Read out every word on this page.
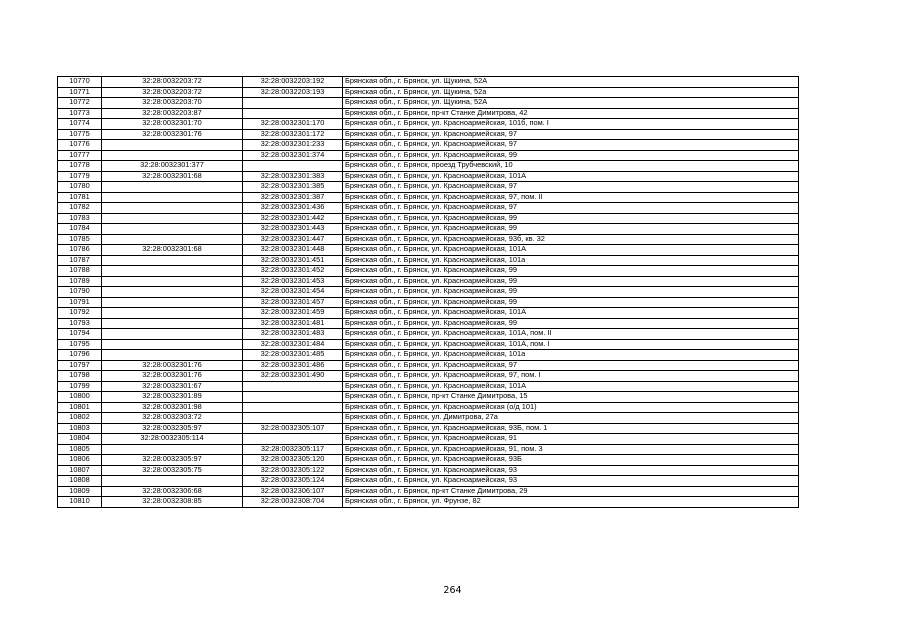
10770	32:28:0032203:72	32:28:0032203:192	Брянская обл., г. Брянск, ул. Щукина, 52А
10771	32:28:0032203:72	32:28:0032203:193	Брянская обл., г. Брянск, ул. Щукина, 52а
10772	32:28:0032203:70		Брянская обл., г. Брянск, ул. Щукина, 52А
10773	32:28:0032203:87		Брянская обл., г. Брянск, пр-кт Станке Димитрова, 42
10774	32:28:0032301:70	32:28:0032301:170	Брянская обл., г. Брянск, ул. Красноармейская, 101б, пом. I
10775	32:28:0032301:76	32:28:0032301:172	Брянская обл., г. Брянск, ул. Красноармейская, 97
10776		32:28:0032301:233	Брянская обл., г. Брянск, ул. Красноармейская, 97
10777		32:28:0032301:374	Брянская обл., г. Брянск, ул. Красноармейская, 99
10778	32:28:0032301:377		Брянская обл., г. Брянск, проезд Трубчевский, 10
10779	32:28:0032301:68	32:28:0032301:383	Брянская обл., г. Брянск, ул. Красноармейская, 101А
10780		32:28:0032301:385	Брянская обл., г. Брянск, ул. Красноармейская, 97
10781		32:28:0032301:387	Брянская обл., г. Брянск, ул. Красноармейская, 97, пом. II
10782		32:28:0032301:436	Брянская обл., г. Брянск, ул. Красноармейская, 97
10783		32:28:0032301:442	Брянская обл., г. Брянск, ул. Красноармейская, 99
10784		32:28:0032301:443	Брянская обл., г. Брянск, ул. Красноармейская, 99
10785		32:28:0032301:447	Брянская обл., г. Брянск, ул. Красноармейская, 93б, кв. 32
10786	32:28:0032301:68	32:28:0032301:448	Брянская обл., г. Брянск, ул. Красноармейская, 101А
10787		32:28:0032301:451	Брянская обл., г. Брянск, ул. Красноармейская, 101а
10788		32:28:0032301:452	Брянская обл., г. Брянск, ул. Красноармейская, 99
10789		32:28:0032301:453	Брянская обл., г. Брянск, ул. Красноармейская, 99
10790		32:28:0032301:454	Брянская обл., г. Брянск, ул. Красноармейская, 99
10791		32:28:0032301:457	Брянская обл., г. Брянск, ул. Красноармейская, 99
10792		32:28:0032301:459	Брянская обл., г. Брянск, ул. Красноармейская, 101А
10793		32:28:0032301:481	Брянская обл., г. Брянск, ул. Красноармейская, 99
10794		32:28:0032301:483	Брянская обл., г. Брянск, ул. Красноармейская, 101А, пом. II
10795		32:28:0032301:484	Брянская обл., г. Брянск, ул. Красноармейская, 101А, пом. I
10796		32:28:0032301:485	Брянская обл., г. Брянск, ул. Красноармейская, 101а
10797	32:28:0032301:76	32:28:0032301:486	Брянская обл., г. Брянск, ул. Красноармейская, 97
10798	32:28:0032301:76	32:28:0032301:490	Брянская обл., г. Брянск, ул. Красноармейская, 97, пом. I
10799	32:28:0032301:67		Брянская обл., г. Брянск, ул. Красноармейская, 101А
10800	32:28:0032301:89		Брянская обл., г. Брянск, пр-кт Станке Димитрова, 15
10801	32:28:0032301:98		Брянская обл., г. Брянск, ул. Красноармейская (о/д 101)
10802	32:28:0032303:72		Брянская обл., г. Брянск, ул. Димитрова, 27а
10803	32:28:0032305:97	32:28:0032305:107	Брянская обл., г. Брянск, ул. Красноармейская, 93Б, пом. 1
10804	32:28:0032305:114		Брянская обл., г. Брянск, ул. Красноармейская, 91
10805		32:28:0032305:117	Брянская обл., г. Брянск, ул. Красноармейская, 91, пом. 3
10806	32:28:0032305:97	32:28:0032305:120	Брянская обл., г. Брянск, ул. Красноармейская, 93Б
10807	32:28:0032305:75	32:28:0032305:122	Брянская обл., г. Брянск, ул. Красноармейская, 93
10808		32:28:0032305:124	Брянская обл., г. Брянск, ул. Красноармейская, 93
10809	32:28:0032306:68	32:28:0032306:107	Брянская обл., г. Брянск, пр-кт Станке Димитрова, 29
10810	32:28:0032308:85	32:28:0032308:704	Брянская обл., г. Брянск, ул. Фрунзе, 82
264
